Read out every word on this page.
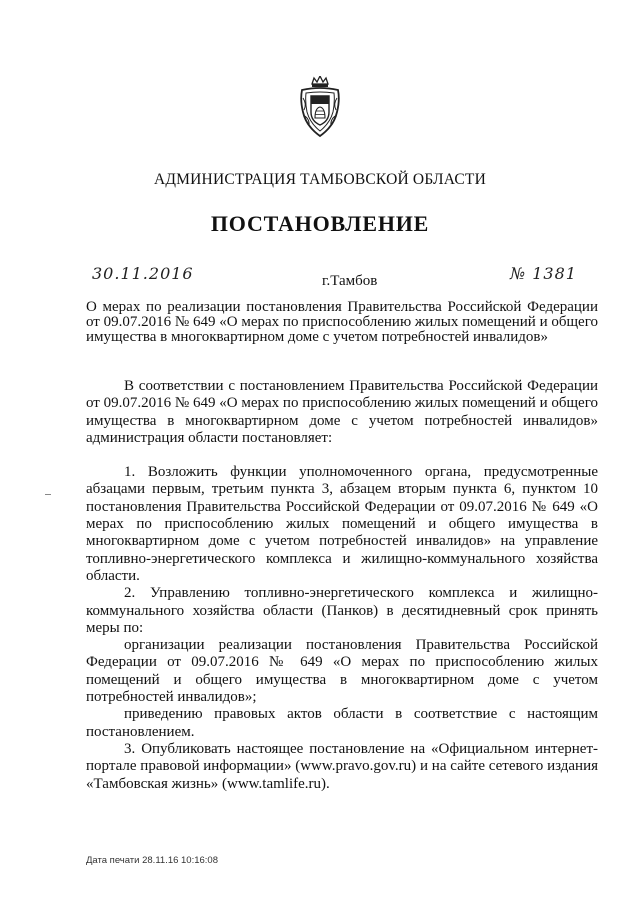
АДМИНИСТРАЦИЯ ТАМБОВСКОЙ ОБЛАСТИ
ПОСТАНОВЛЕНИЕ
30.11.2016	г.Тамбов	№ 1381
О мерах по реализации постановления Правительства Российской Федерации от 09.07.2016 № 649 «О мерах по приспособлению жилых помещений и общего имущества в многоквартирном доме с учетом потребностей инвалидов»

В соответствии с постановлением Правительства Российской Федерации от 09.07.2016 № 649 «О мерах по приспособлению жилых помещений и общего имущества в многоквартирном доме с учетом потребностей инвалидов» администрация области постановляет:

1. Возложить функции уполномоченного органа, предусмотренные абзацами первым, третьим пункта 3, абзацем вторым пункта 6, пунктом 10 постановления Правительства Российской Федерации от 09.07.2016 № 649 «О мерах по приспособлению жилых помещений и общего имущества в многоквартирном доме с учетом потребностей инвалидов» на управление топливно-энергетического комплекса и жилищно-коммунального хозяйства области.

2. Управлению топливно-энергетического комплекса и жилищно-коммунального хозяйства области (Панков) в десятидневный срок принять меры по:

организации реализации постановления Правительства Российской Федерации от 09.07.2016 № 649 «О мерах по приспособлению жилых помещений и общего имущества в многоквартирном доме с учетом потребностей инвалидов»;

приведению правовых актов области в соответствие с настоящим постановлением.

3. Опубликовать настоящее постановление на «Официальном интернет-портале правовой информации» (www.pravo.gov.ru) и на сайте сетевого издания «Тамбовская жизнь» (www.tamlife.ru).

Дата печати 28.11.16 10:16:08
